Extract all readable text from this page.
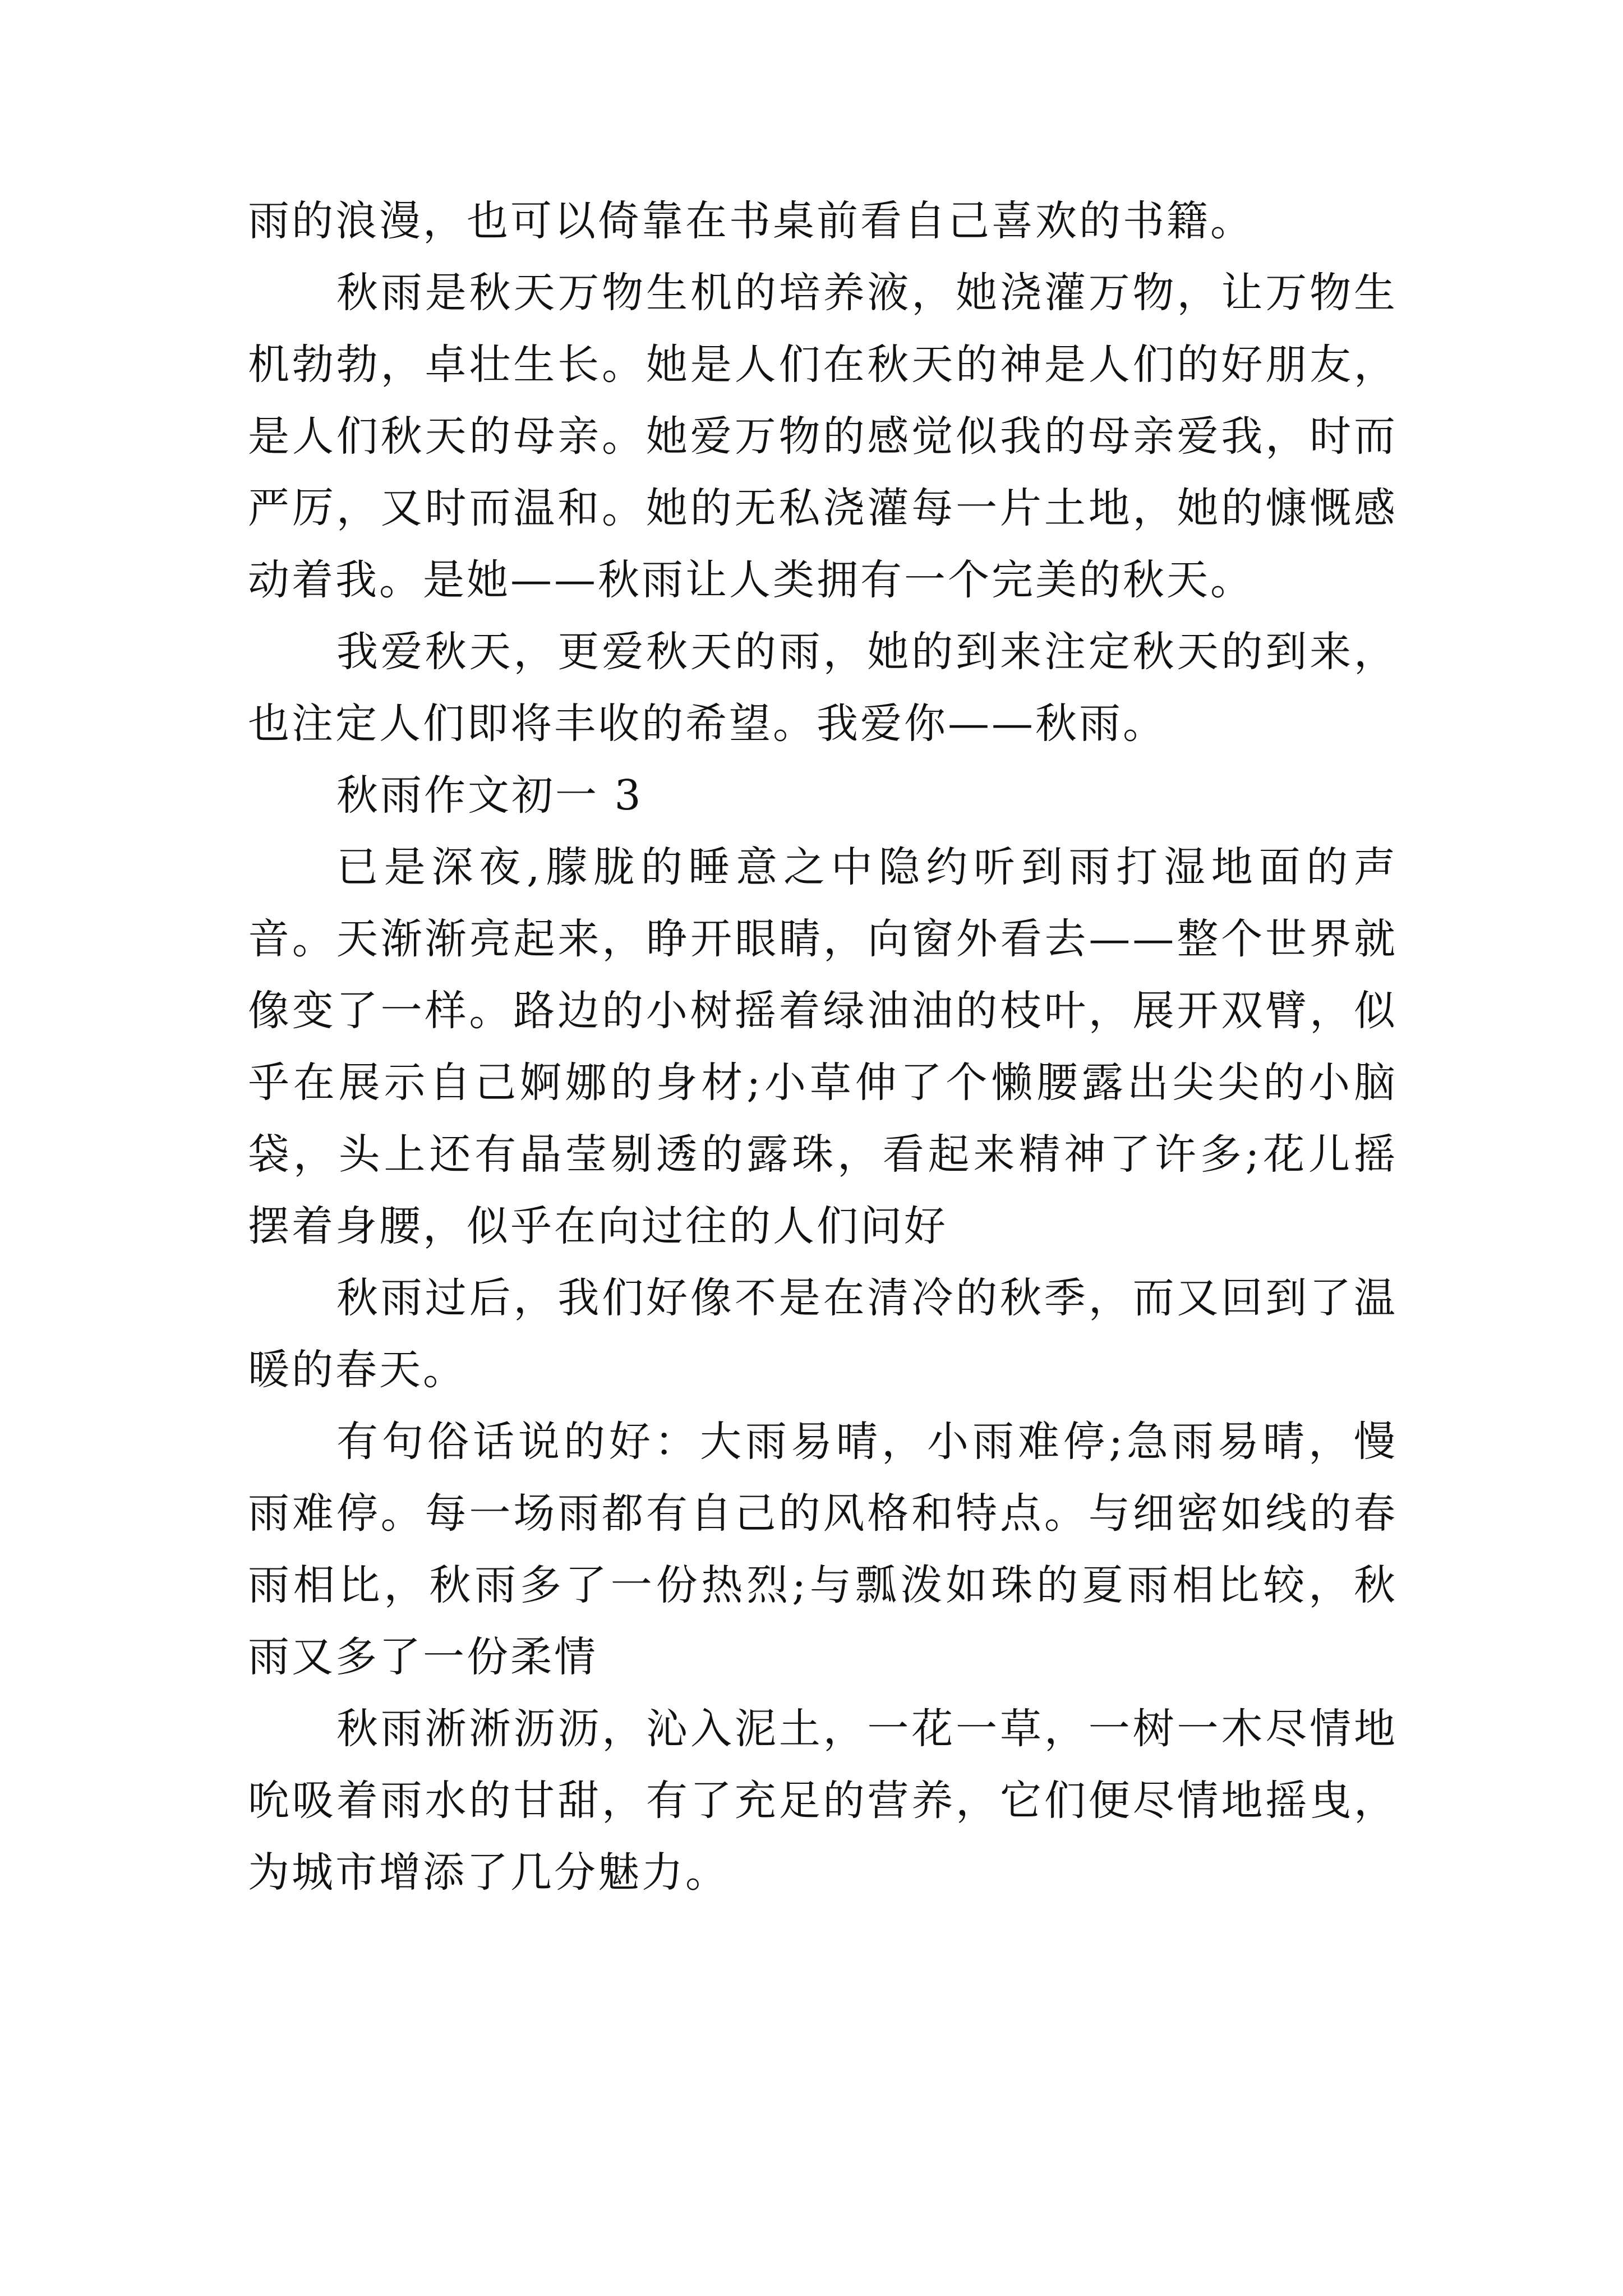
雨的浪漫，也可以倚靠在书桌前看自己喜欢的书籍。

秋雨是秋天万物生机的培养液，她浇灌万物，让万物生机勃勃，卓壮生长。她是人们在秋天的神是人们的好朋友，是人们秋天的母亲。她爱万物的感觉似我的母亲爱我，时而严厉，又时而温和。她的无私浇灌每一片土地，她的慷慨感动着我。是她——秋雨让人类拥有一个完美的秋天。

我爱秋天，更爱秋天的雨，她的到来注定秋天的到来，也注定人们即将丰收的希望。我爱你——秋雨。

秋雨作文初一 3

已是深夜,朦胧的睡意之中隐约听到雨打湿地面的声音。天渐渐亮起来，睁开眼睛，向窗外看去——整个世界就像变了一样。路边的小树摇着绿油油的枝叶，展开双臂，似乎在展示自己婀娜的身材;小草伸了个懒腰露出尖尖的小脑袋，头上还有晶莹剔透的露珠，看起来精神了许多;花儿摇摆着身腰，似乎在向过往的人们问好

秋雨过后，我们好像不是在清冷的秋季，而又回到了温暖的春天。

有句俗话说的好：大雨易晴，小雨难停;急雨易晴，慢雨难停。每一场雨都有自己的风格和特点。与细密如线的春雨相比，秋雨多了一份热烈;与瓢泼如珠的夏雨相比较，秋雨又多了一份柔情

秋雨淅淅沥沥，沁入泥土，一花一草，一树一木尽情地吮吸着雨水的甘甜，有了充足的营养，它们便尽情地摇曳，为城市增添了几分魅力。
